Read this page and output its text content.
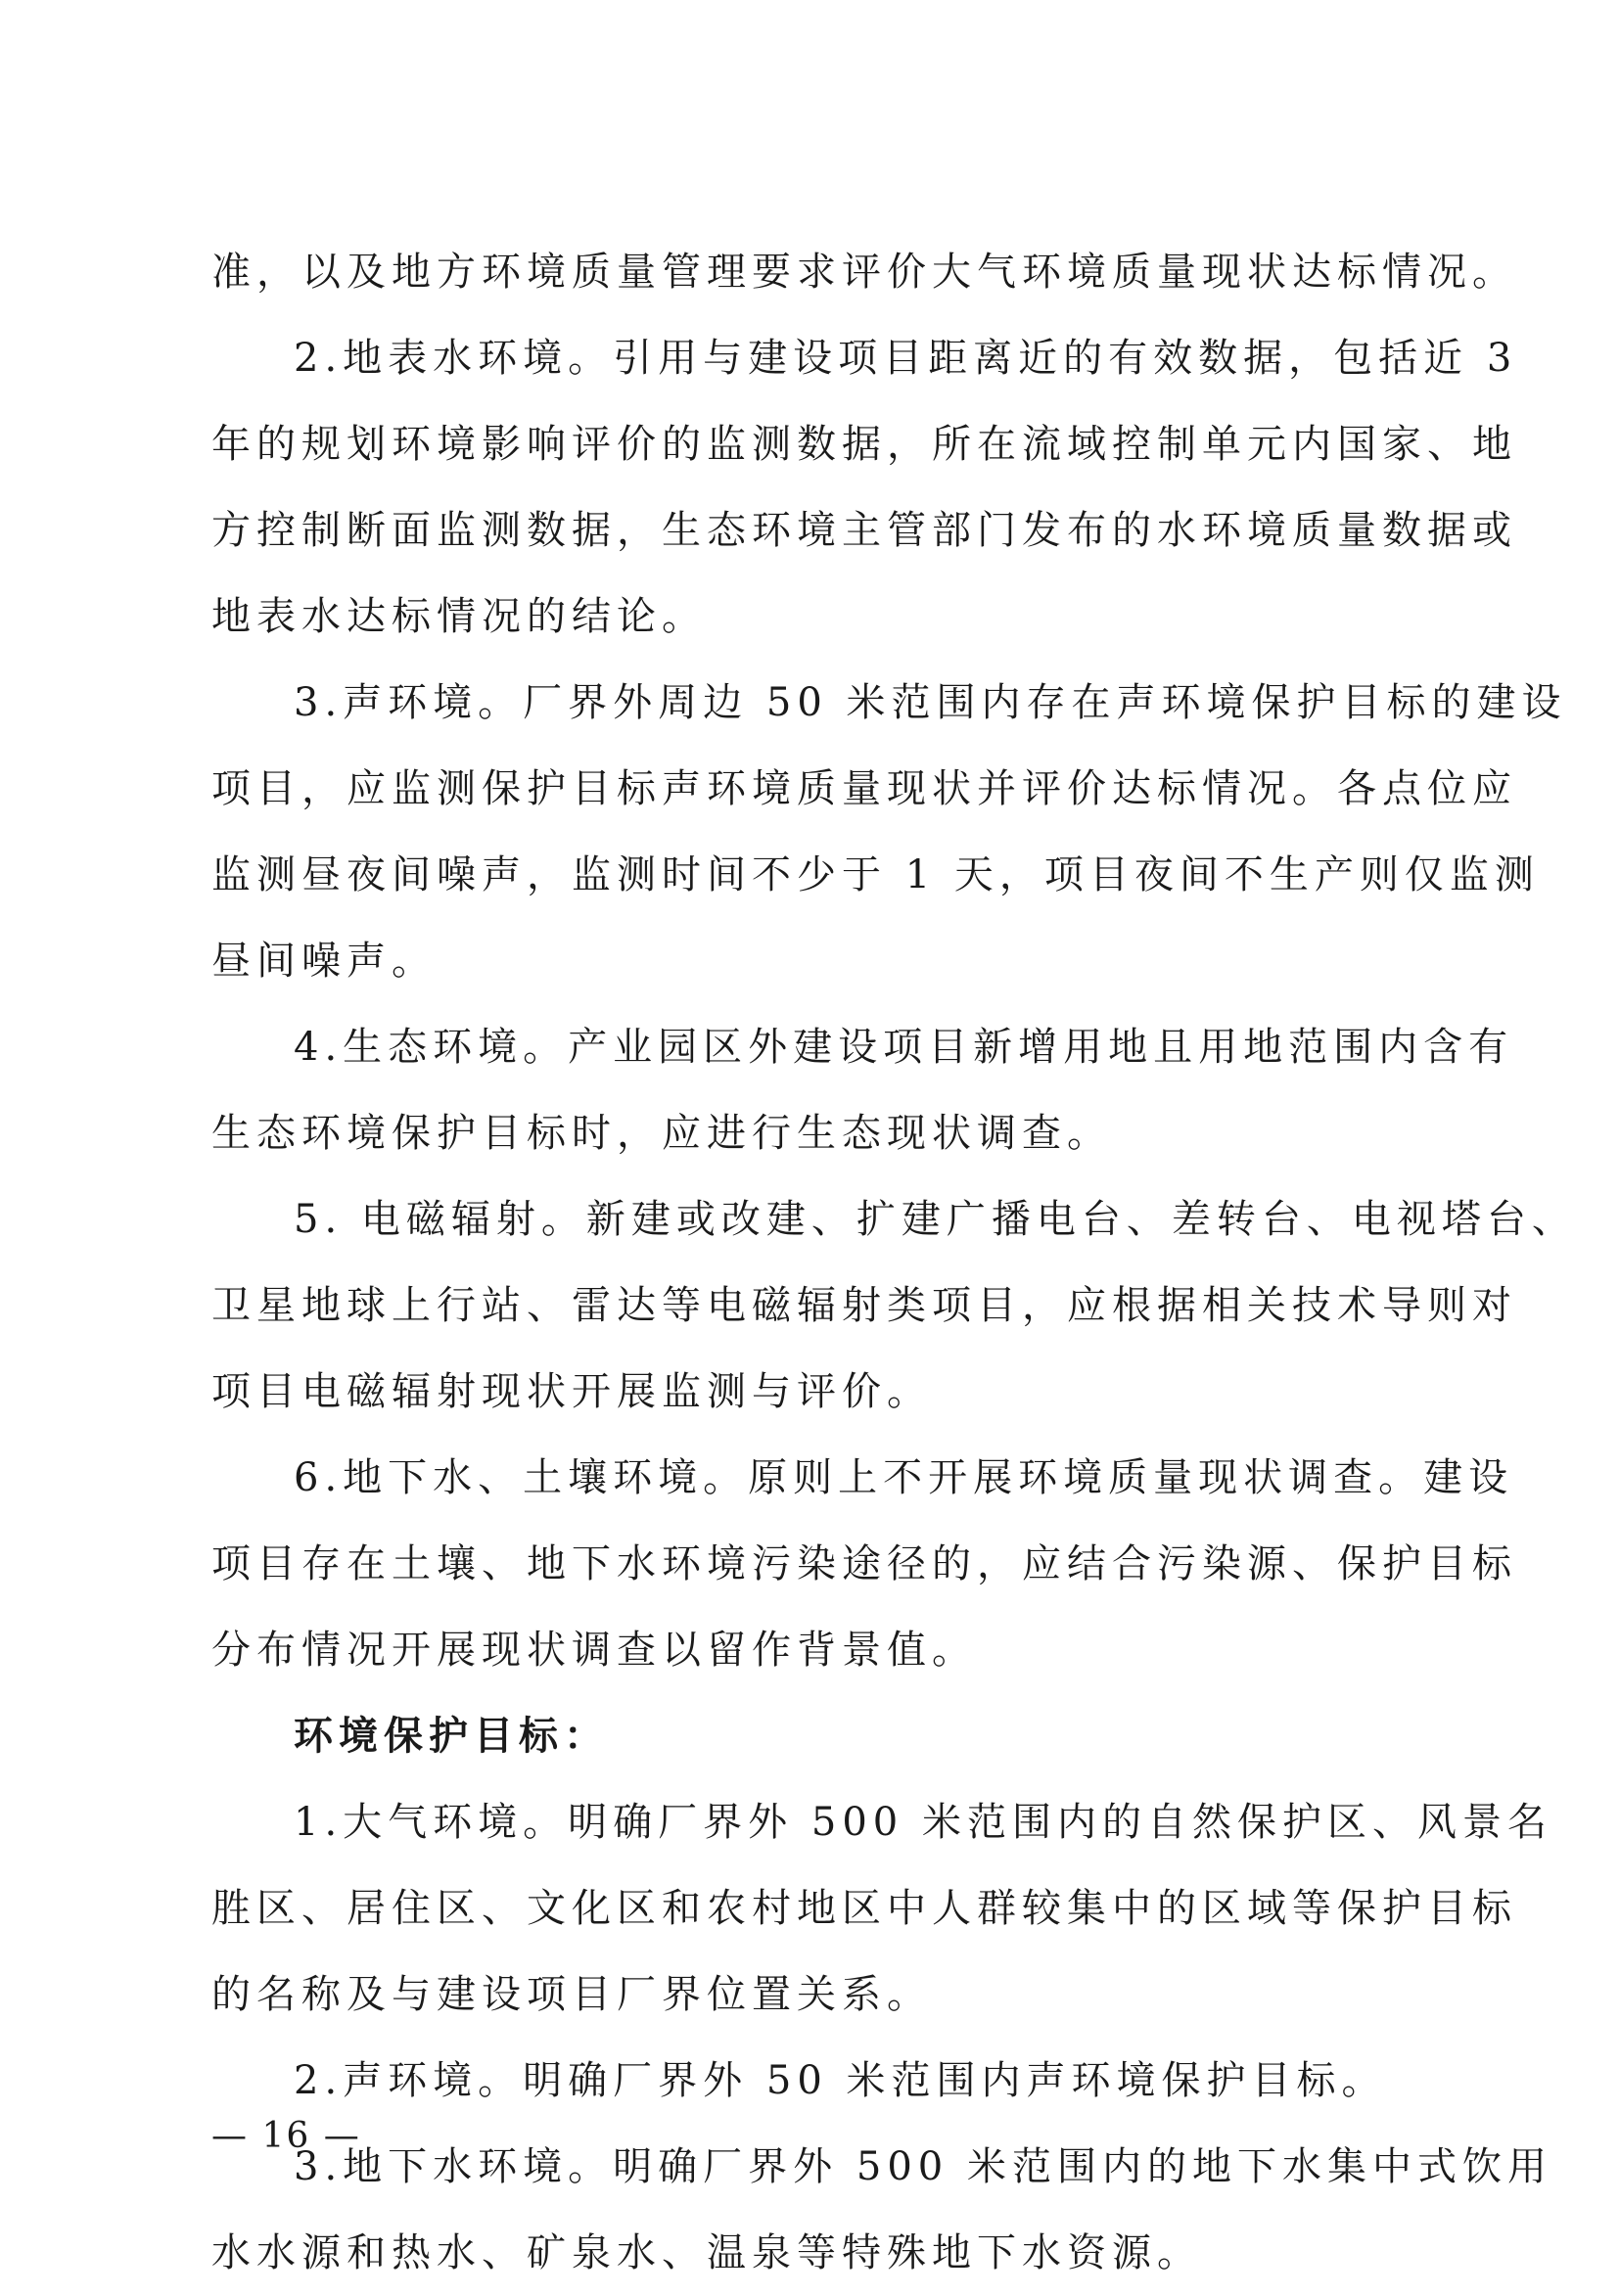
准，以及地方环境质量管理要求评价大气环境质量现状达标情况。
2.地表水环境。引用与建设项目距离近的有效数据，包括近 3
年的规划环境影响评价的监测数据，所在流域控制单元内国家、地
方控制断面监测数据，生态环境主管部门发布的水环境质量数据或
地表水达标情况的结论。
3.声环境。厂界外周边 50 米范围内存在声环境保护目标的建设
项目，应监测保护目标声环境质量现状并评价达标情况。各点位应
监测昼夜间噪声，监测时间不少于 1 天，项目夜间不生产则仅监测
昼间噪声。
4.生态环境。产业园区外建设项目新增用地且用地范围内含有
生态环境保护目标时，应进行生态现状调查。
5. 电磁辐射。新建或改建、扩建广播电台、差转台、电视塔台、
卫星地球上行站、雷达等电磁辐射类项目，应根据相关技术导则对
项目电磁辐射现状开展监测与评价。
6.地下水、土壤环境。原则上不开展环境质量现状调查。建设
项目存在土壤、地下水环境污染途径的，应结合污染源、保护目标
分布情况开展现状调查以留作背景值。
环境保护目标：
1.大气环境。明确厂界外 500 米范围内的自然保护区、风景名
胜区、居住区、文化区和农村地区中人群较集中的区域等保护目标
的名称及与建设项目厂界位置关系。
2.声环境。明确厂界外 50 米范围内声环境保护目标。
3.地下水环境。明确厂界外 500 米范围内的地下水集中式饮用
水水源和热水、矿泉水、温泉等特殊地下水资源。
— 16 —
